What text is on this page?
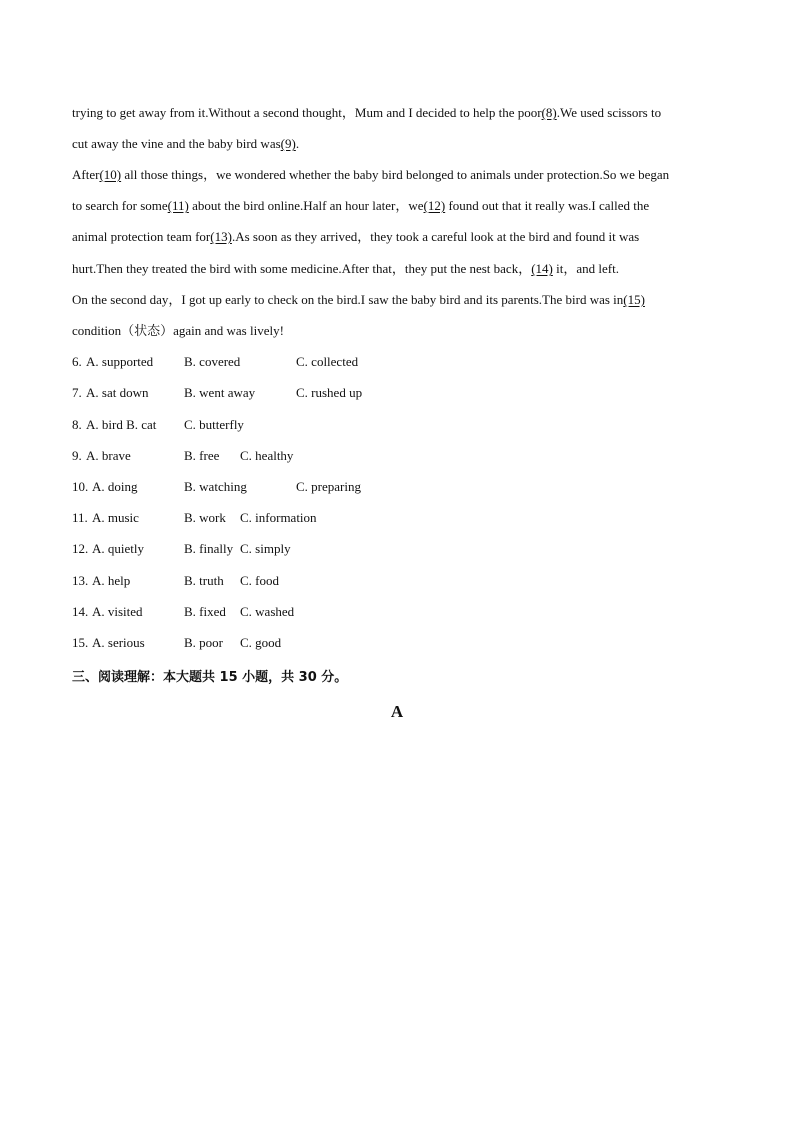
trying to get away from it.Without a second thought，Mum and I decided to help the poor(8).We used scissors to
cut away the vine and the baby bird was(9).
After(10) all those things，we wondered whether the baby bird belonged to animals under protection.So we began
to search for some(11) about the bird online.Half an hour later，we(12) found out that it really was.I called the
animal protection team for(13).As soon as they arrived，they took a careful look at the bird and found it was
hurt.Then they treated the bird with some medicine.After that，they put the nest back，(14) it，and left.
On the second day，I got up early to check on the bird.I saw the baby bird and its parents.The bird was in(15)
condition（状态）again and was lively!
6. A. supported B. covered	C. collected
7. A. sat down	B. went away	C. rushed up
8. A. bird B. cat C. butterfly
9. A. brave	B. free C. healthy
10. A. doing	B. watching	C. preparing
11. A. music	B. work C. information
12. A. quietly	B. finally C. simply
13. A. help	B. truth C. food
14. A. visited	B. fixed C. washed
15. A. serious	B. poor C. good
三、阅读理解：本大题共 15 小题，共 30 分。
A
